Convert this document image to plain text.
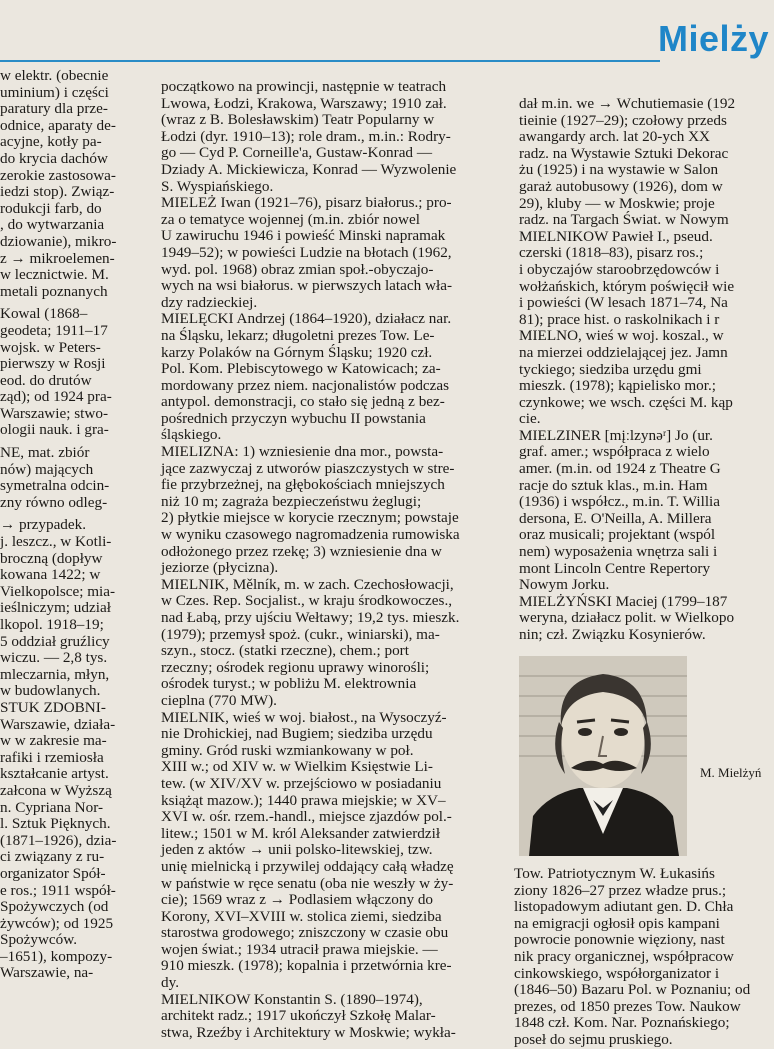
Mielży
w elektr. (obecnie
uminium) i części
paratury dla prze-
odnice, aparaty de-
acyjne, kotły pa-
do krycia dachów
zerokie zastosowa-
iedzi stop). Związ-
rodukcji farb, do
, do wytwarzania
dziowanie), mikro-
z → mikroelemen-
w lecznictwie. M.
metali poznanych
Kowal (1868–
geodeta; 1911–17
wojsk. w Peters-
pierwszy w Rosji
eod. do drutów
ząd); od 1924 pra-
Warszawie; stwo-
ologii nauk. i gra-
NE, mat. zbiór
nów) mających
symetralna odcin-
zny równo odleg-
→ przypadek.
j. leszcz., w Kotli-
broczną (dopływ
kowana 1422; w
Vielkopolsce; mia-
ieślniczym; udział
lkopol. 1918–19;
5 oddział gruźlicy
wiczu. — 2,8 tys.
mleczarnia, młyn,
w budowlanych.
STUK ZDOBNI-
Warszawie, działa-
w w zakresie ma-
rafiki i rzemiosła
kształcanie artyst.
załcona w Wyższą
n. Cypriana Nor-
l. Sztuk Pięknych.
(1871–1926), dzia-
ci związany z ru-
organizator Spół-
e ros.; 1911 współ-
Spożywczych (od
żywców); od 1925
Spożywców.
–1651), kompozy-
Warszawie, na-
początkowo na prowincji, następnie w teatrach
Lwowa, Łodzi, Krakowa, Warszawy; 1910 zał.
(wraz z B. Bolesławskim) Teatr Popularny w
Łodzi (dyr. 1910–13); role dram., m.in.: Rodry-
go — Cyd P. Corneille'a, Gustaw-Konrad —
Dziady A. Mickiewicza, Konrad — Wyzwolenie
S. Wyspiańskiego.
MIELEŻ Iwan (1921–76), pisarz białorus.; pro-
za o tematyce wojennej (m.in. zbiór nowel
U zawiruchu 1946 i powieść Minski napramak
1949–52); w powieści Ludzie na błotach (1962,
wyd. pol. 1968) obraz zmian społ.-obyczajo-
wych na wsi białorus. w pierwszych latach wła-
dzy radzieckiej.
MIELĘCKI Andrzej (1864–1920), działacz nar.
na Śląsku, lekarz; długoletni prezes Tow. Le-
karzy Polaków na Górnym Śląsku; 1920 czł.
Pol. Kom. Plebiscytowego w Katowicach; za-
mordowany przez niem. nacjonalistów podczas
antypol. demonstracji, co stało się jedną z bez-
pośrednich przyczyn wybuchu II powstania
śląskiego.
MIELIZNA: 1) wzniesienie dna mor., powsta-
jące zazwyczaj z utworów piaszczystych w stre-
fie przybrzeżnej, na głębokościach mniejszych
niż 10 m; zagraża bezpieczeństwu żeglugi;
2) płytkie miejsce w korycie rzecznym; powstaje
w wyniku czasowego nagromadzenia rumowiska
odłożonego przez rzekę; 3) wzniesienie dna w
jeziorze (płycizna).
MIELNIK, Mělník, m. w zach. Czechosłowacji,
w Czes. Rep. Socjalist., w kraju środkowoczes.,
nad Łabą, przy ujściu Wełtawy; 19,2 tys. mieszk.
(1979); przemysł spoż. (cukr., winiarski), ma-
szyn., stocz. (statki rzeczne), chem.; port
rzeczny; ośrodek regionu uprawy winorośli;
ośrodek turyst.; w pobliżu M. elektrownia
cieplna (770 MW).
MIELNIK, wieś w woj. białost., na Wysoczyź-
nie Drohickiej, nad Bugiem; siedziba urzędu
gminy. Gród ruski wzmiankowany w poł.
XIII w.; od XIV w. w Wielkim Księstwie Li-
tew. (w XIV/XV w. przejściowo w posiadaniu
książąt mazow.); 1440 prawa miejskie; w XV–
XVI w. ośr. rzem.-handl., miejsce zjazdów pol.-
litew.; 1501 w M. król Aleksander zatwierdził
jeden z aktów → unii polsko-litewskiej, tzw.
unię mielnicką i przywilej oddający całą władzę
w państwie w ręce senatu (oba nie weszły w ży-
cie); 1569 wraz z → Podlasiem włączony do
Korony, XVI–XVIII w. stolica ziemi, siedziba
starostwa grodowego; zniszczony w czasie obu
wojen świat.; 1934 utracił prawa miejskie. —
910 mieszk. (1978); kopalnia i przetwórnia kre-
dy.
MIELNIKOW Konstantin S. (1890–1974),
architekt radz.; 1917 ukończył Szkołę Malar-
stwa, Rzeźby i Architektury w Moskwie; wykła-
dał m.in. we → Wchutiemasie (192
tieinie (1927–29); czołowy przeds
awangardy arch. lat 20-ych XX
radz. na Wystawie Sztuki Dekorac
żu (1925) i na wystawie w Salon
garaż autobusowy (1926), dom w
29), kluby — w Moskwie; proje
radz. na Targach Świat. w Nowym
MIELNIKOW Pawieł I., pseud.
czerski (1818–83), pisarz ros.;
i obyczajów staroobrzędowców i
wołżańskich, którym poświęcił wie
i powieści (W lesach 1871–74, Na
81); prace hist. o raskolnikach i r
MIELNO, wieś w woj. koszal., w
na mierzei oddzielającej jez. Jamn
tyckiego; siedziba urzędu gmi
mieszk. (1978); kąpielisko mor.;
czynkowe; we wsch. części M. kąp
cie.
MIELZINER [mįːlzynəʳ] Jo (ur.
graf. amer.; współpraca z wielo
amer. (m.in. od 1924 z Theatre G
racje do sztuk klas., m.in. Ham
(1936) i współcz., m.in. T. Willia
dersona, E. O'Neilla, A. Millera
oraz musicali; projektant (wspól
nem) wyposażenia wnętrza sali i
mont Lincoln Centre Repertory
Nowym Jorku.
MIELŻYŃSKI Maciej (1799–187
weryna, działacz polit. w Wielkopo
nin; czł. Związku Kosynierów.
M. Mielżyń
Tow. Patriotycznym W. Łukasińs
ziony 1826–27 przez władze prus.;
listopadowym adiutant gen. D. Chła
na emigracji ogłosił opis kampani
powrocie ponownie więziony, nast
nik pracy organicznej, współpracow
cinkowskiego, współorganizator i
(1846–50) Bazaru Pol. w Poznaniu; od
prezes, od 1850 prezes Tow. Naukow
1848 czł. Kom. Nar. Poznańskiego;
poseł do sejmu pruskiego.
